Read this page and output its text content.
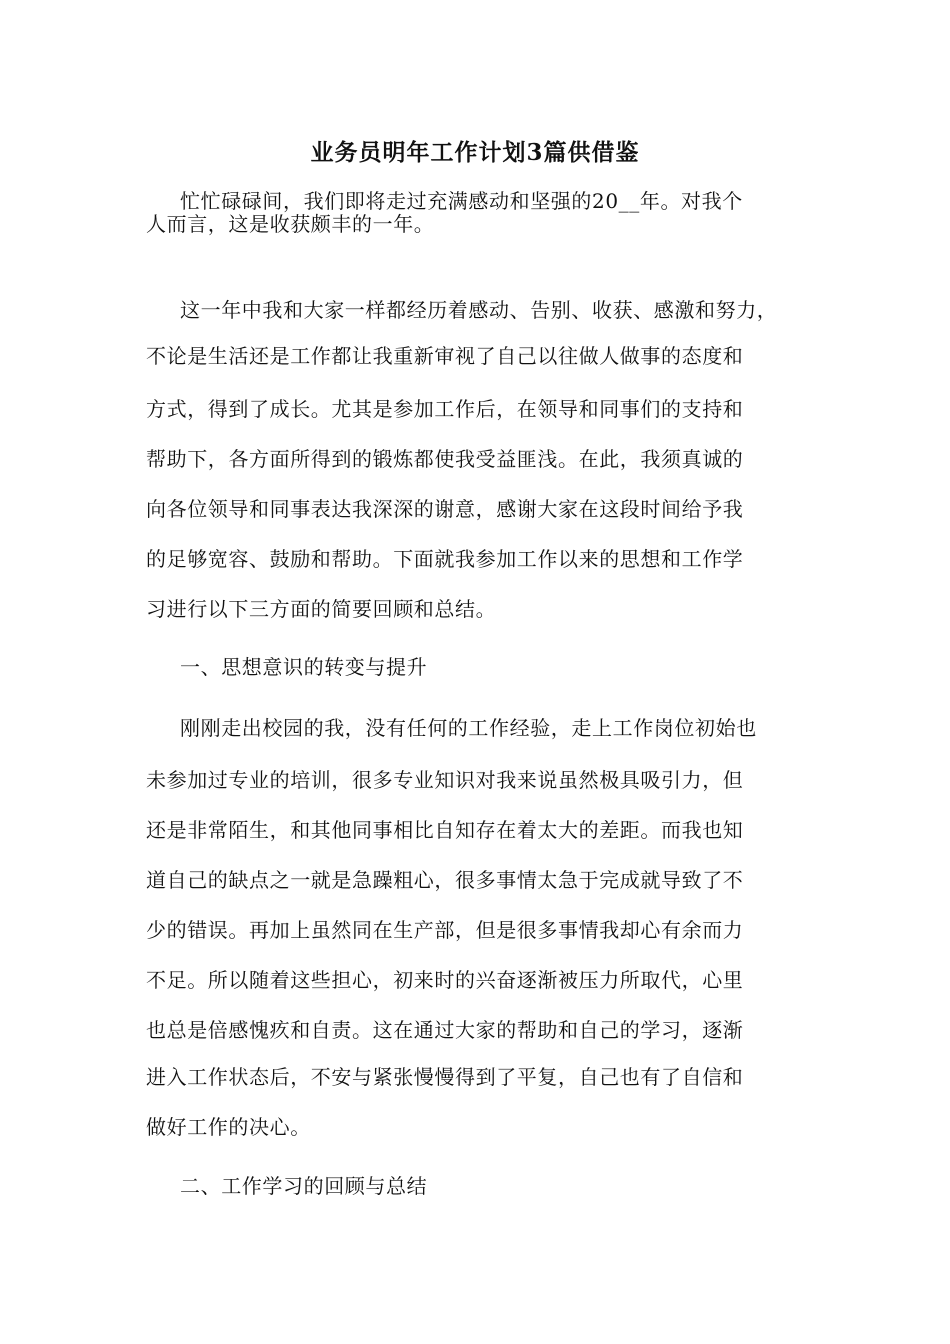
业务员明年工作计划3篇供借鉴

忙忙碌碌间，我们即将走过充满感动和坚强的20__年。对我个

人而言，这是收获颇丰的一年。

这一年中我和大家一样都经历着感动、告别、收获、感激和努力，

不论是生活还是工作都让我重新审视了自己以往做人做事的态度和

方式，得到了成长。尤其是参加工作后，在领导和同事们的支持和

帮助下，各方面所得到的锻炼都使我受益匪浅。在此，我须真诚的

向各位领导和同事表达我深深的谢意，感谢大家在这段时间给予我

的足够宽容、鼓励和帮助。下面就我参加工作以来的思想和工作学

习进行以下三方面的简要回顾和总结。

一、思想意识的转变与提升

刚刚走出校园的我，没有任何的工作经验，走上工作岗位初始也

未参加过专业的培训，很多专业知识对我来说虽然极具吸引力，但

还是非常陌生，和其他同事相比自知存在着太大的差距。而我也知

道自己的缺点之一就是急躁粗心，很多事情太急于完成就导致了不

少的错误。再加上虽然同在生产部，但是很多事情我却心有余而力

不足。所以随着这些担心，初来时的兴奋逐渐被压力所取代，心里

也总是倍感愧疚和自责。这在通过大家的帮助和自己的学习，逐渐

进入工作状态后，不安与紧张慢慢得到了平复，自己也有了自信和

做好工作的决心。

二、工作学习的回顾与总结
